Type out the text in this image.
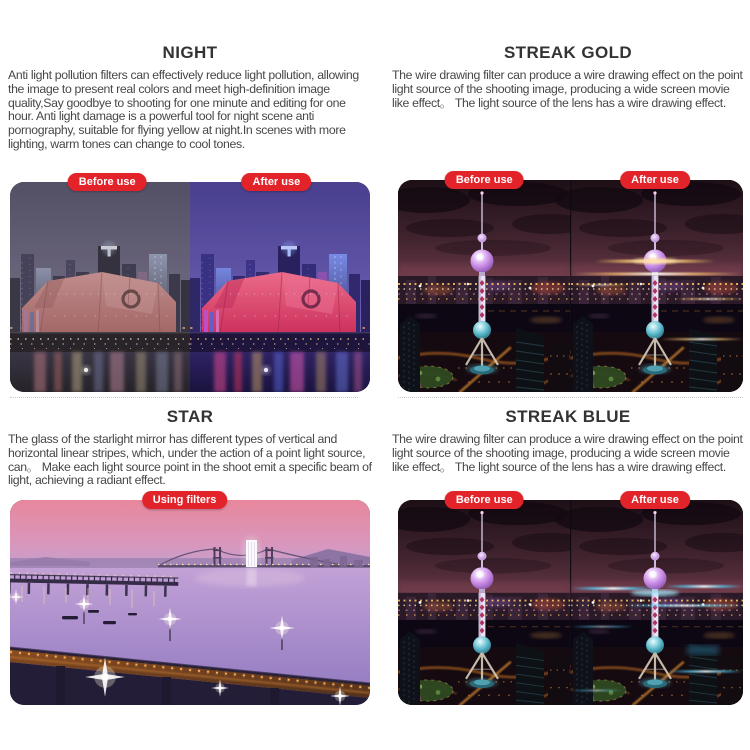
NIGHT

Anti light pollution filters can effectively reduce light pollution, allowing the image to present real colors and meet high-definition image quality,Say goodbye to shooting for one minute and editing for one hour. Anti light damage is a powerful tool for night scene anti pornography, suitable for flying yellow at night.In scenes with more lighting, warm tones can change to cool tones.

Before use	After use
STREAK GOLD

The wire drawing filter can produce a wire drawing effect on the point light source of the shooting image, producing a wide screen movie like effect。 The light source of the lens has a wire drawing effect.

Before use	After use
STAR

The glass of the starlight mirror has different types of vertical and horizontal linear stripes, which, under the action of a point light source, can。 Make each light source point in the shoot emit a specific beam of light, achieving a radiant effect.

Using filters
STREAK BLUE

The wire drawing filter can produce a wire drawing effect on the point light source of the shooting image, producing a wide screen movie like effect。 The light source of the lens has a wire drawing effect.

Before use	After use
